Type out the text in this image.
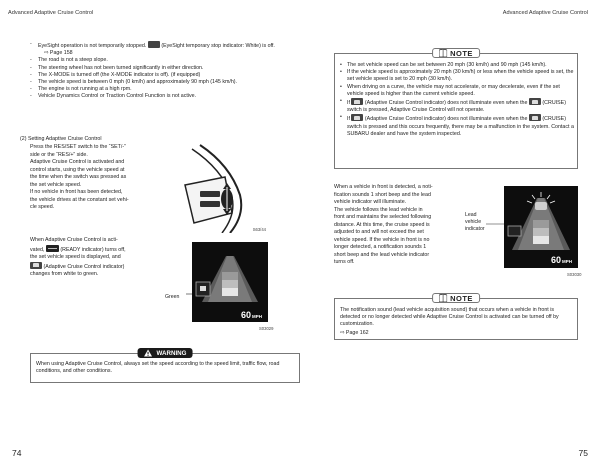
Advanced Adaptive Cruise Control	Advanced Adaptive Cruise Control
- EyeSight operation is not temporarily stopped.	(EyeSight temporary stop indicator: White) is off.
⇨ Page 158
- The road is not a steep slope.
- The steering wheel has not been turned significantly in either direction.
- The X-MODE is turned off (the X-MODE indicator is off). (if equipped)
- The vehicle speed is between 0 mph (0 km/h) and approximately 90 mph (145 km/h).
- The engine is not running at a high rpm.
- Vehicle Dynamics Control or Traction Control Function is not active.
(2) Setting Adaptive Cruise Control
Press the RES/SET switch to the “SET/-”
side or the “RES/+” side.
Adaptive Cruise Control is activated and
control starts, using the vehicle speed at
the time when the switch was pressed as
the set vehicle speed.
If no vehicle in front has been detected,
the vehicle drives at the constant set vehi-
cle speed.
When Adaptive Cruise Control is acti-
vated,	(READY indicator) turns off,
the set vehicle speed is displayed, and
(Adaptive Cruise Control indicator)
changes from white to green.
S63/44
Green
60MPH
S03029
WARNING
When using Adaptive Cruise Control, always set the speed according to the speed limit, traffic flow, road conditions, and other conditions.
NOTE
• The set vehicle speed can be set between 20 mph (30 km/h) and 90 mph (145 km/h).
• If the vehicle speed is approximately 20 mph (30 km/h) or less when the vehicle speed is set, the set vehicle speed is set to 20 mph (30 km/h).
• When driving on a curve, the vehicle may not accelerate, or may decelerate, even if the set vehicle speed is higher than the current vehicle speed.
• If	(Adaptive Cruise Control indicator) does not illuminate even when the	(CRUISE) switch is pressed, Adaptive Cruise Control will not operate.
• If	(Adaptive Cruise Control indicator) does not illuminate even when the	(CRUISE) switch is pressed and this occurs frequently, there may be a malfunction in the system. Contact a SUBARU dealer and have the system inspected.
When a vehicle in front is detected, a noti-
fication sounds 1 short beep and the lead
vehicle indicator will illuminate.
The vehicle follows the lead vehicle in
front and maintains the selected following
distance. At this time, the cruise speed is
adjusted to and will not exceed the set
vehicle speed. If the vehicle in front is no
longer detected, a notification sounds 1
short beep and the lead vehicle indicator
turns off.
Lead
vehicle
indicator
60MPH
S03030
NOTE
The notification sound (lead vehicle acquisition sound) that occurs when a vehicle in front is detected or no longer detected while Adaptive Cruise Control is activated can be turned off by customization.
⇨ Page 162
74	75
